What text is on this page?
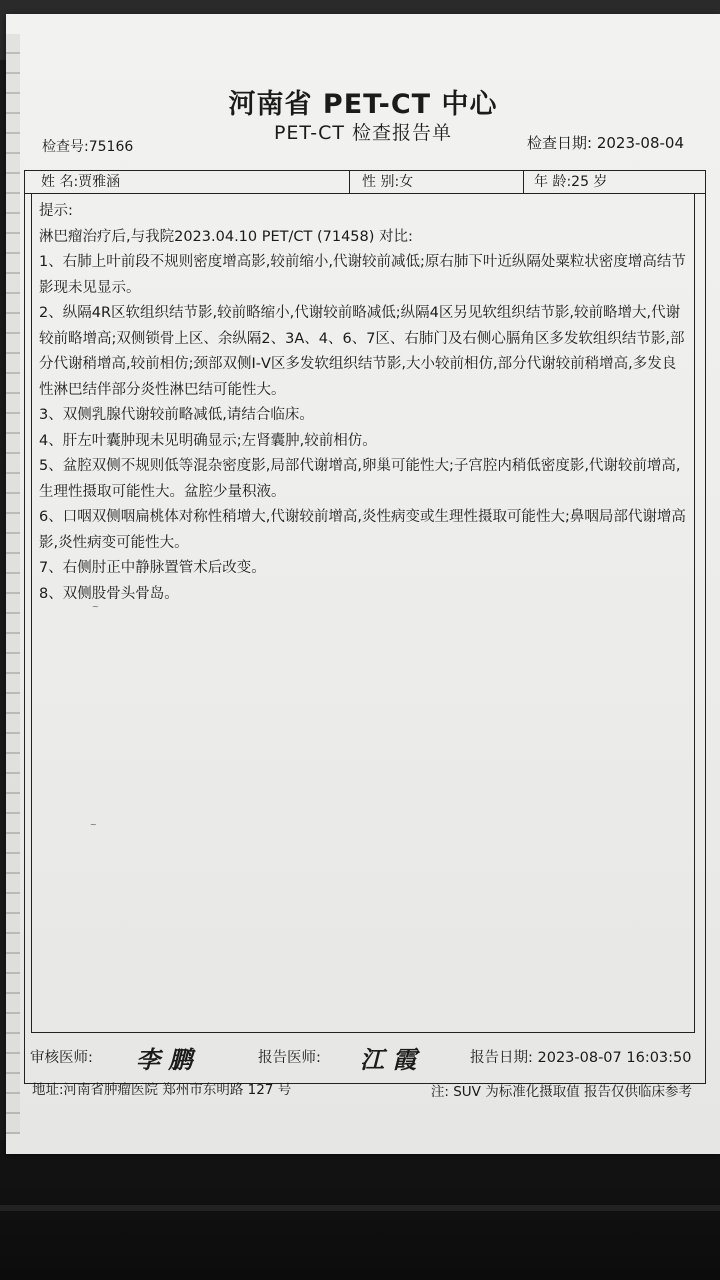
河南省 PET-CT 中心
PET-CT 检查报告单
检查号:75166	检查日期: 2023-08-04
姓 名:贾雅涵	性 别:女	年 龄:25 岁

提示:

淋巴瘤治疗后,与我院2023.04.10 PET/CT (71458) 对比:

1、右肺上叶前段不规则密度增高影,较前缩小,代谢较前减低;原右肺下叶近纵隔处粟粒状密度增高结节影现未见显示。

2、纵隔4R区软组织结节影,较前略缩小,代谢较前略减低;纵隔4区另见软组织结节影,较前略增大,代谢较前略增高;双侧锁骨上区、余纵隔2、3A、4、6、7区、右肺门及右侧心膈角区多发软组织结节影,部分代谢稍增高,较前相仿;颈部双侧Ⅰ-Ⅴ区多发软组织结节影,大小较前相仿,部分代谢较前稍增高,多发良性淋巴结伴部分炎性淋巴结可能性大。

3、双侧乳腺代谢较前略减低,请结合临床。

4、肝左叶囊肿现未见明确显示;左肾囊肿,较前相仿。

5、盆腔双侧不规则低等混杂密度影,局部代谢增高,卵巢可能性大;子宫腔内稍低密度影,代谢较前增高,生理性摄取可能性大。盆腔少量积液。

6、口咽双侧咽扁桃体对称性稍增大,代谢较前增高,炎性病变或生理性摄取可能性大;鼻咽局部代谢增高影,炎性病变可能性大。

7、右侧肘正中静脉置管术后改变。

8、双侧股骨头骨岛。

~
~
审核医师: 李 鹏	报告医师: 江 霞	报告日期: 2023-08-07 16:03:50
地址:河南省肿瘤医院 郑州市东明路 127 号	注: SUV 为标准化摄取值 报告仅供临床参考
